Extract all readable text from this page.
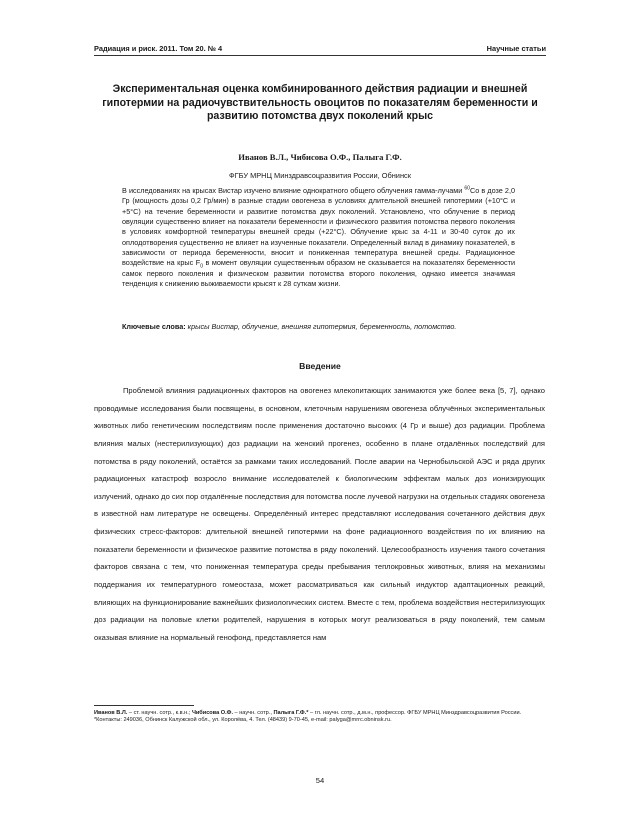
Радиация и риск. 2011. Том 20. № 4	Научные статьи
Экспериментальная оценка комбинированного действия радиации и внешней гипотермии на радиочувствительность овоцитов по показателям беременности и развитию потомства двух поколений крыс
Иванов В.Л., Чибисова О.Ф., Палыга Г.Ф.
ФГБУ МРНЦ Минздравсоцразвития России, Обнинск

В исследованиях на крысах Вистар изучено влияние однократного общего облучения гамма-лучами $^{60}$Со в дозе 2,0 Гр (мощность дозы 0,2 Гр/мин) в разные стадии овогенеза в условиях длительной внешней гипотермии (+10°С и +5°С) на течение беременности и развитие потомства двух поколений. Установлено, что облучение в период овуляции существенно влияет на показатели беременности и физического развития потомства первого поколения в условиях комфортной температуры внешней среды (+22°С). Облучение крыс за 4-11 и 30-40 суток до их оплодотворения существенно не влияет на изученные показатели. Определенный вклад в динамику показателей, в зависимости от периода беременности, вносит и пониженная температура внешней среды. Радиационное воздействие на крыс $F_0$ в момент овуляции существенным образом не сказывается на показателях беременности самок первого поколения и физическом развитии потомства второго поколения, однако имеется значимая тенденция к снижению выживаемости крысят к 28 суткам жизни.

Ключевые слова: крысы Вистар, облучение, внешняя гипотермия, беременность, потомство.

Введение

Проблемой влияния радиационных факторов на овогенез млекопитающих занимаются уже более века [5, 7], однако проводимые исследования были посвящены, в основном, клеточным нарушениям овогенеза облучённых экспериментальных животных либо генетическим последствиям после применения достаточно высоких (4 Гр и выше) доз радиации. Проблема влияния малых (нестерилизующих) доз радиации на женский прогенез, особенно в плане отдалённых последствий для потомства в ряду поколений, остаётся за рамками таких исследований. После аварии на Чернобыльской АЭС и ряда других радиационных катастроф возросло внимание исследователей к биологическим эффектам малых доз ионизирующих излучений, однако до сих пор отдалённые последствия для потомства после лучевой нагрузки на отдельных стадиях овогенеза в известной нам литературе не освещены. Определённый интерес представляют исследования сочетанного действия двух физических стресс-факторов: длительной внешней гипотермии на фоне радиационного воздействия по их влиянию на показатели беременности и физическое развитие потомства в ряду поколений. Целесообразность изучения такого сочетания факторов связана с тем, что пониженная температура среды пребывания теплокровных животных, влияя на механизмы поддержания их температурного гомеостаза, может рассматриваться как сильный индуктор адаптационных реакций, влияющих на функционирование важнейших физиологических систем. Вместе с тем, проблема воздействия нестерилизующих доз радиации на половые клетки родителей, нарушения в которых могут реализоваться в ряду поколений, тем самым оказывая влияние на нормальный генофонд, представляется нам

Иванов В.Л. – ст. научн. сотр., к.в.н.; Чибисова О.Ф. – научн. сотр., Палыга Г.Ф.* – гл. научн. сотр., д.м.н., профессор. ФГБУ МРНЦ Минздравсоцразвития России.
*Контакты: 249036, Обнинск Калужской обл., ул. Королёва, 4. Тел. (48439) 9-70-45, e-mail: palyga@mrrc.obninsk.ru.

54
